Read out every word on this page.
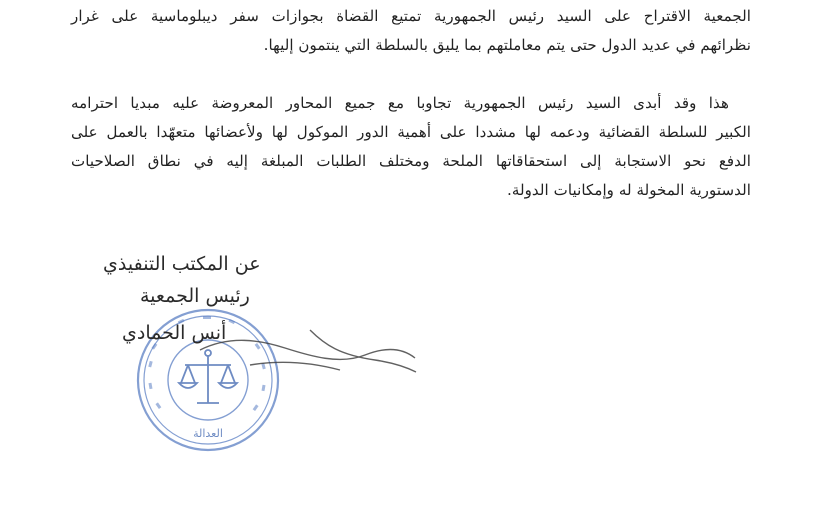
الجمعية الاقتراح على السيد رئيس الجمهورية تمتيع القضاة بجوازات سفر ديبلوماسية على غرار
نظرائهم في عديد الدول حتى يتم معاملتهم بما يليق بالسلطة التي ينتمون إليها.
هذا وقد أبدى السيد رئيس الجمهورية تجاوبا مع جميع المحاور المعروضة عليه مبديا احترامه
الكبير للسلطة القضائية ودعمه لها مشددا على أهمية الدور الموكول لها ولأعضائها متعهّدا بالعمل على
الدفع نحو الاستجابة إلى استحقاقاتها الملحة ومختلف الطلبات المبلغة إليه في نطاق الصلاحيات
الدستورية المخولة له وإمكانيات الدولة.
العدالة
عن المكتب التنفيذي
رئيس الجمعية
أنس الحمادي
